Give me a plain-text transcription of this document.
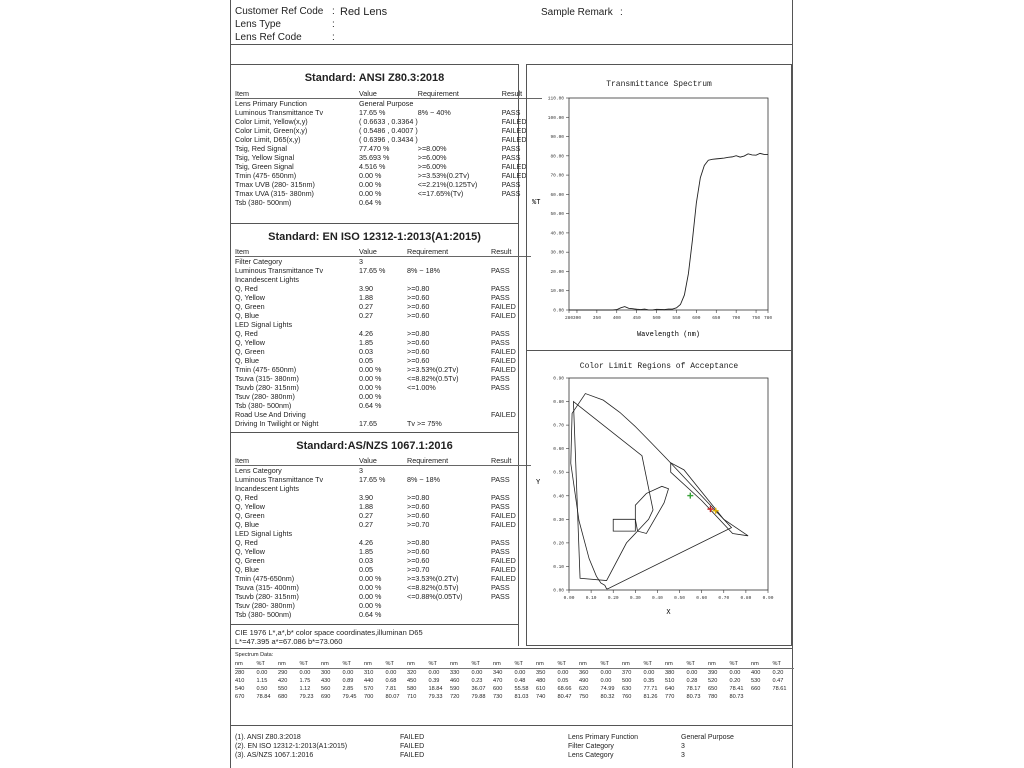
Customer Ref Code : Red Lens
Lens Type	:
Lens Ref Code	:
Sample Remark :
Standard: ANSI Z80.3:2018
Item	Value	Requirement	Result
Lens Primary Function	General Purpose		
Luminous Transmittance Tv	17.65 %	8% ~ 40%	PASS
Color Limit, Yellow(x,y)	( 0.6633 , 0.3364 )		FAILED
Color Limit, Green(x,y)	( 0.5486 , 0.4007 )		FAILED
Color Limit, D65(x,y)	( 0.6396 , 0.3434 )		FAILED
Tsig, Red Signal	77.470 %	>=8.00%	PASS
Tsig, Yellow Signal	35.693 %	>=6.00%	PASS
Tsig, Green Signal	4.516 %	>=6.00%	FAILED
Tmin (475- 650nm)	0.00 %	>=3.53%(0.2Tv)	FAILED
Tmax UVB (280- 315nm)	0.00 %	<=2.21%(0.125Tv)	PASS
Tmax UVA (315- 380nm)	0.00 %	<=17.65%(Tv)	PASS
Tsb (380- 500nm)	0.64 %		
Standard: EN ISO 12312-1:2013(A1:2015)
Item	Value	Requirement	Result
Filter Category	3		
Luminous Transmittance Tv	17.65 %	8% ~ 18%	PASS
Incandescent Lights			
Q, Red	3.90	>=0.80	PASS
Q, Yellow	1.88	>=0.60	PASS
Q, Green	0.27	>=0.60	FAILED
Q, Blue	0.27	>=0.60	FAILED
LED Signal Lights			
Q, Red	4.26	>=0.80	PASS
Q, Yellow	1.85	>=0.60	PASS
Q, Green	0.03	>=0.60	FAILED
Q, Blue	0.05	>=0.60	FAILED
Tmin (475- 650nm)	0.00 %	>=3.53%(0.2Tv)	FAILED
Tsuva (315- 380nm)	0.00 %	<=8.82%(0.5Tv)	PASS
Tsuvb (280- 315nm)	0.00 %	<=1.00%	PASS
Tsuv (280- 380nm)	0.00 %		
Tsb (380- 500nm)	0.64 %		
Road Use And Driving			FAILED
Driving In Twilight or Night	17.65	Tv >= 75%	
Standard:AS/NZS 1067.1:2016
Item	Value	Requirement	Result
Lens Category	3		
Luminous Transmittance Tv	17.65 %	8% ~ 18%	PASS
Incandescent Lights			
Q, Red	3.90	>=0.80	PASS
Q, Yellow	1.88	>=0.60	PASS
Q, Green	0.27	>=0.60	FAILED
Q, Blue	0.27	>=0.70	FAILED
LED Signal Lights			
Q, Red	4.26	>=0.80	PASS
Q, Yellow	1.85	>=0.60	PASS
Q, Green	0.03	>=0.60	FAILED
Q, Blue	0.05	>=0.70	FAILED
Tmin (475-650nm)	0.00 %	>=3.53%(0.2Tv)	FAILED
Tsuva (315- 400nm)	0.00 %	<=8.82%(0.5Tv)	PASS
Tsuvb (280- 315nm)	0.00 %	<=0.88%(0.05Tv)	PASS
Tsuv (280- 380nm)	0.00 %		
Tsb (380- 500nm)	0.64 %		
CIE 1976 L*,a*,b* color space coordinates,illuminan D65
L*=47.395 a*=67.086 b*=73.060
Transmittance Spectrum
0.00
10.00
20.00
30.00
40.00
50.00
60.00
70.00
80.00
90.00
100.00
110.00
280 300	350	400	450	500	550	600	650	700	750 780
Wavelength (nm)
%T
Color Limit Regions of Acceptance
0.00
0.00
0.10
0.10
0.20
0.20
0.30
0.30
0.40
0.40
0.50
0.50
0.60
0.60
0.70
0.70
0.80
0.80
0.90
0.90
X
Y
Spectrum Data:
nm	%T	nm	%T	nm	%T	nm	%T	nm	%T	nm	%T	nm	%T	nm	%T	nm	%T	nm	%T	nm	%T	nm	%T	nm	%T
280	0.00	290	0.00	300	0.00	310	0.00	320	0.00	330	0.00	340	0.00	350	0.00	360	0.00	370	0.00	380	0.00	390	0.00	400	0.20
410	1.15	420	1.75	430	0.89	440	0.68	450	0.39	460	0.23	470	0.48	480	0.05	490	0.00	500	0.35	510	0.28	520	0.20	530	0.47
540	0.50	550	1.12	560	2.85	570	7.81	580	18.84	590	36.07	600	55.58	610	68.66	620	74.99	630	77.71	640	78.17	650	78.41	660	78.61
670	78.84	680	79.23	690	79.45	700	80.07	710	79.33	720	79.88	730	81.03	740	80.47	750	80.32	760	81.26	770	80.73	780	80.73		
(1). ANSI Z80.3:2018	FAILED	Lens Primary Function	General Purpose
(2). EN ISO 12312-1:2013(A1:2015)	FAILED	Filter Category	3
(3). AS/NZS 1067.1:2016	FAILED	Lens Category	3
